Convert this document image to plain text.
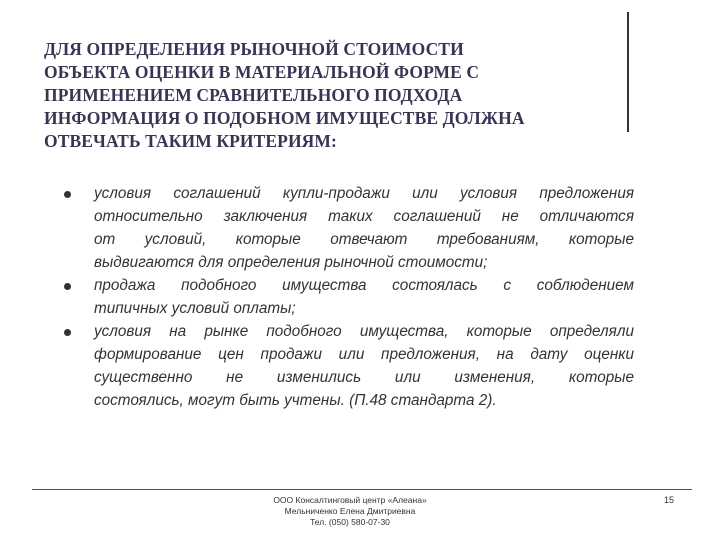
ДЛЯ ОПРЕДЕЛЕНИЯ РЫНОЧНОЙ СТОИМОСТИ
ОБЪЕКТА ОЦЕНКИ В МАТЕРИАЛЬНОЙ ФОРМЕ С
ПРИМЕНЕНИЕМ СРАВНИТЕЛЬНОГО ПОДХОДА
ИНФОРМАЦИЯ О ПОДОБНОМ ИМУЩЕСТВЕ ДОЛЖНА
ОТВЕЧАТЬ ТАКИМ КРИТЕРИЯМ:
условия соглашений купли-продажи или условия предложения
относительно заключения таких соглашений не отличаются
от условий, которые отвечают требованиям, которые
выдвигаются для определения рыночной стоимости;
продажа подобного имущества состоялась с соблюдением
типичных условий оплаты;
условия на рынке подобного имущества, которые определяли
формирование цен продажи или предложения, на дату оценки
существенно не изменились или изменения, которые
состоялись, могут быть учтены. (П.48 стандарта 2).
ООО Консалтинговый центр «Алеана»
Мельниченко Елена Дмитриевна
Тел. (050) 580-07-30
15
